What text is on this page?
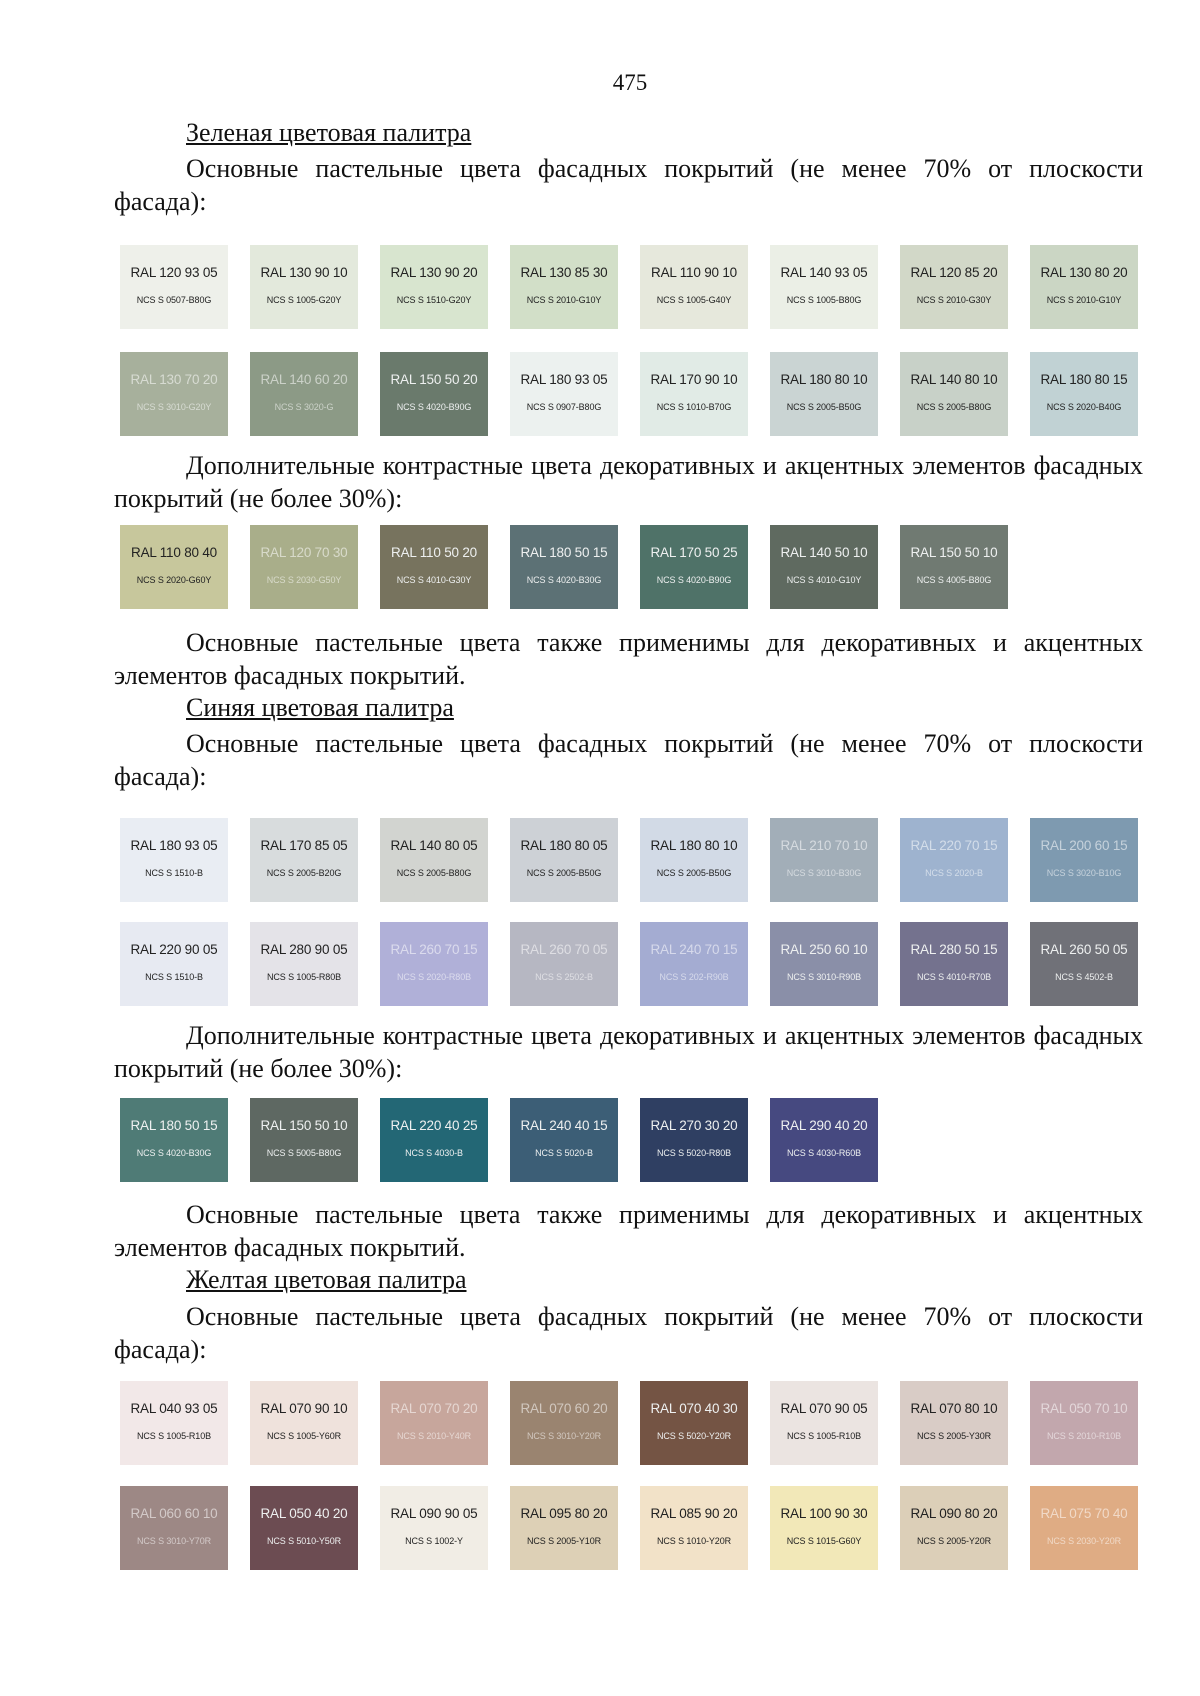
475
Зеленая цветовая палитра
Основные пастельные цвета фасадных покрытий (не менее 70% от плоскости фасада):
RAL 120 93 05
NCS S 0507-B80G
RAL 130 90 10
NCS S 1005-G20Y
RAL 130 90 20
NCS S 1510-G20Y
RAL 130 85 30
NCS S 2010-G10Y
RAL 110 90 10
NCS S 1005-G40Y
RAL 140 93 05
NCS S 1005-B80G
RAL 120 85 20
NCS S 2010-G30Y
RAL 130 80 20
NCS S 2010-G10Y
RAL 130 70 20
NCS S 3010-G20Y
RAL 140 60 20
NCS S 3020-G
RAL 150 50 20
NCS S 4020-B90G
RAL 180 93 05
NCS S 0907-B80G
RAL 170 90 10
NCS S 1010-B70G
RAL 180 80 10
NCS S 2005-B50G
RAL 140 80 10
NCS S 2005-B80G
RAL 180 80 15
NCS S 2020-B40G
Дополнительные контрастные цвета декоративных и акцентных элементов фасадных покрытий (не более 30%):
RAL 110 80 40
NCS S 2020-G60Y
RAL 120 70 30
NCS S 2030-G50Y
RAL 110 50 20
NCS S 4010-G30Y
RAL 180 50 15
NCS S 4020-B30G
RAL 170 50 25
NCS S 4020-B90G
RAL 140 50 10
NCS S 4010-G10Y
RAL 150 50 10
NCS S 4005-B80G
Основные пастельные цвета также применимы для декоративных и акцентных элементов фасадных покрытий.
Синяя цветовая палитра
Основные пастельные цвета фасадных покрытий (не менее 70% от плоскости фасада):
RAL 180 93 05
NCS S 1510-B
RAL 170 85 05
NCS S 2005-B20G
RAL 140 80 05
NCS S 2005-B80G
RAL 180 80 05
NCS S 2005-B50G
RAL 180 80 10
NCS S 2005-B50G
RAL 210 70 10
NCS S 3010-B30G
RAL 220 70 15
NCS S 2020-B
RAL 200 60 15
NCS S 3020-B10G
RAL 220 90 05
NCS S 1510-B
RAL 280 90 05
NCS S 1005-R80B
RAL 260 70 15
NCS S 2020-R80B
RAL 260 70 05
NCS S 2502-B
RAL 240 70 15
NCS S 202-R90B
RAL 250 60 10
NCS S 3010-R90B
RAL 280 50 15
NCS S 4010-R70B
RAL 260 50 05
NCS S 4502-B
Дополнительные контрастные цвета декоративных и акцентных элементов фасадных покрытий (не более 30%):
RAL 180 50 15
NCS S 4020-B30G
RAL 150 50 10
NCS S 5005-B80G
RAL 220 40 25
NCS S 4030-B
RAL 240 40 15
NCS S 5020-B
RAL 270 30 20
NCS S 5020-R80B
RAL 290 40 20
NCS S 4030-R60B
Основные пастельные цвета также применимы для декоративных и акцентных элементов фасадных покрытий.
Желтая цветовая палитра
Основные пастельные цвета фасадных покрытий (не менее 70% от плоскости фасада):
RAL 040 93 05
NCS S 1005-R10B
RAL 070 90 10
NCS S 1005-Y60R
RAL 070 70 20
NCS S 2010-Y40R
RAL 070 60 20
NCS S 3010-Y20R
RAL 070 40 30
NCS S 5020-Y20R
RAL 070 90 05
NCS S 1005-R10B
RAL 070 80 10
NCS S 2005-Y30R
RAL 050 70 10
NCS S 2010-R10B
RAL 060 60 10
NCS S 3010-Y70R
RAL 050 40 20
NCS S 5010-Y50R
RAL 090 90 05
NCS S 1002-Y
RAL 095 80 20
NCS S 2005-Y10R
RAL 085 90 20
NCS S 1010-Y20R
RAL 100 90 30
NCS S 1015-G60Y
RAL 090 80 20
NCS S 2005-Y20R
RAL 075 70 40
NCS S 2030-Y20R
